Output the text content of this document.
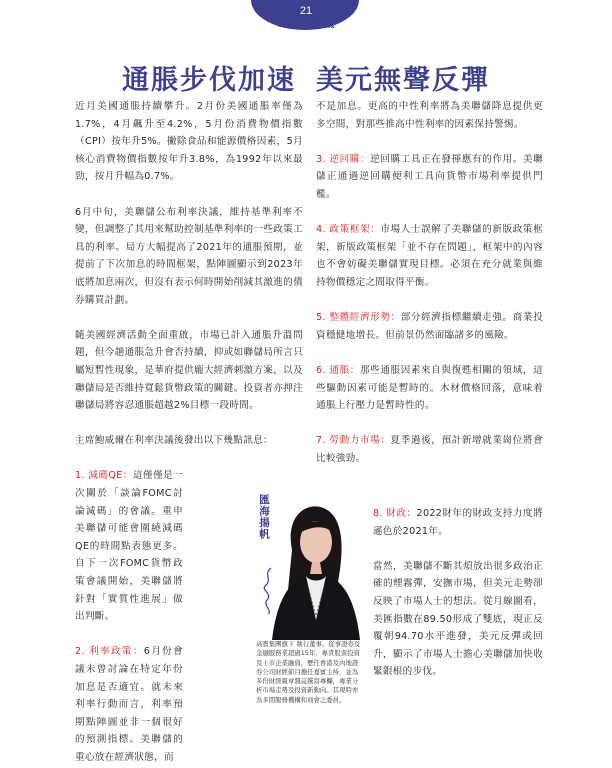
21
Moment 投資先機
通脹步伐加速 美元無聲反彈

近月美國通脹持續攀升。2月份美國通脹率僅為1.7%，4月飆升至4.2%，5月份消費物價指數（CPI）按年升5%。撇除食品和能源價格因素，5月核心消費物價指數按年升3.8%，為1992年以來最勁，按月升幅為0.7%。

6月中旬，美聯儲公布利率決議，維持基準利率不變，但調整了其用來幫助控制基準利率的一些政策工具的利率。局方大幅提高了2021年的通脹預期，並提前了下次加息的時間框架，點陣圖顯示到2023年底將加息兩次，但沒有表示何時開始削減其激進的債券購買計劃。

隨美國經濟活動全面重啟，市場已計入通脹升溫問題，但今趟通脹急升會否持續，抑或如聯儲局所言只屬短暫性現象，是華府提供龐大經濟刺激方案，以及聯儲局是否維持寬鬆貨幣政策的關鍵。投資者亦押注聯儲局將容忍通脹超越2%目標一段時間。

主席鮑威爾在利率決議後發出以下幾點訊息：

1. 減碼QE：這僅僅是一次關於「談論FOMC討論減碼」的會議。重申美聯儲可能會圍繞減碼QE的時間點表態更多。自下一次FOMC貨幣政策會議開始，美聯儲將針對「實質性進展」做出判斷。

2. 利率政策：6月份會議未曾討論在特定年份加息是否適宜。就未來利率行動而言，利率預期點陣圖並非一個很好的預測指標。美聯儲的重心放在經濟狀態，而

不是加息。更高的中性利率將為美聯儲降息提供更多空間，對那些推高中性利率的因素保持警惕。

3. 逆回購：逆回購工具正在發揮應有的作用。美聯儲正通過逆回購便利工具向貨幣市場利率提供門檻。

4. 政策框架：市場人士誤解了美聯儲的新版政策框架，新版政策框架「並不存在問題」，框架中的內容也不會妨礙美聯儲實現目標。必須在充分就業與維持物價穩定之間取得平衡。

5. 整體經濟形勢：部分經濟指標繼續走強。商業投資穩健地增長。但前景仍然面臨諸多的風險。

6. 通脹：那些通脹因素來自與復甦相關的領域，這些驅動因素可能是暫時的。木材價格回落，意味着通脹上行壓力是暫時性的。

7. 勞動力市場：夏季過後，預計新增就業崗位將會比較強勁。

匯海揚帆
高寶集團旗下 執行董事。從事證券及金融服務業超過15年，專責股票投資及上市企業融資，歷任香港及內地證券公司財經節目擔任嘉賓主持，並為多份財經報章雜誌撰寫專欄，專業分析市場走勢及投資新動向。其現時亦為多間服務機構和商會之委員。

8. 財政：2022財年的財政支持力度將遜色於2021年。

當然，美聯儲不斷其煩放出很多政治正確的煙霧彈，安撫市場，但美元走勢卻反映了市場人士的想法。從月線圖看，美匯指數在89.50形成了雙底，現正反覆朝94.70水平進發，美元反彈或回升，顯示了市場人士擔心美聯儲加快收緊銀根的步伐。
